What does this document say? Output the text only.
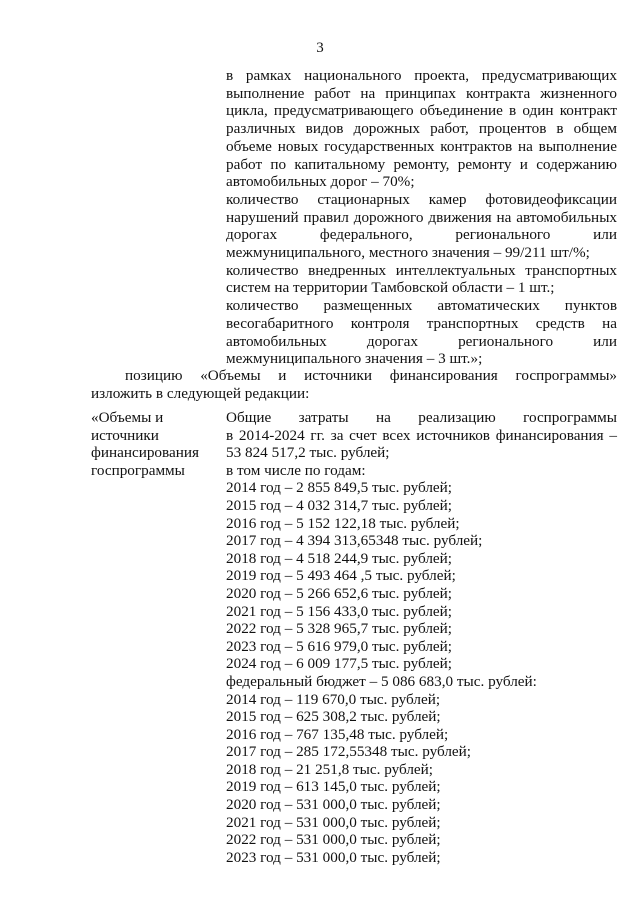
3
в рамках национального проекта, предусматривающих
выполнение работ на принципах контракта жизненного
цикла, предусматривающего объединение в один контракт
различных видов дорожных работ, процентов в общем
объеме новых государственных контрактов на выполнение
работ по капитальному ремонту, ремонту и содержанию
автомобильных дорог – 70%;
количество стационарных камер фотовидеофиксации
нарушений правил дорожного движения на автомобильных
дорогах федерального, регионального или
межмуниципального, местного значения – 99/211 шт/%;
количество внедренных интеллектуальных транспортных
систем на территории Тамбовской области – 1 шт.;
количество размещенных автоматических пунктов
весогабаритного контроля транспортных средств на
автомобильных дорогах регионального или
межмуниципального значения – 3 шт.»;
позицию «Объемы и источники финансирования госпрограммы»
изложить в следующей редакции:
«Объемы и
источники
финансирования
госпрограммы
Общие затраты на реализацию госпрограммы
в 2014-2024 гг. за счет всех источников финансирования –
53 824 517,2 тыс. рублей;
в том числе по годам:
2014 год – 2 855 849,5 тыс. рублей;
2015 год – 4 032 314,7 тыс. рублей;
2016 год – 5 152 122,18 тыс. рублей;
2017 год – 4 394 313,65348 тыс. рублей;
2018 год – 4 518 244,9 тыс. рублей;
2019 год – 5 493 464 ,5 тыс. рублей;
2020 год – 5 266 652,6 тыс. рублей;
2021 год – 5 156 433,0 тыс. рублей;
2022 год – 5 328 965,7 тыс. рублей;
2023 год – 5 616 979,0 тыс. рублей;
2024 год – 6 009 177,5 тыс. рублей;
федеральный бюджет – 5 086 683,0 тыс. рублей:
2014 год – 119 670,0 тыс. рублей;
2015 год – 625 308,2 тыс. рублей;
2016 год – 767 135,48 тыс. рублей;
2017 год – 285 172,55348 тыс. рублей;
2018 год – 21 251,8 тыс. рублей;
2019 год – 613 145,0 тыс. рублей;
2020 год – 531 000,0 тыс. рублей;
2021 год – 531 000,0 тыс. рублей;
2022 год – 531 000,0 тыс. рублей;
2023 год – 531 000,0 тыс. рублей;
